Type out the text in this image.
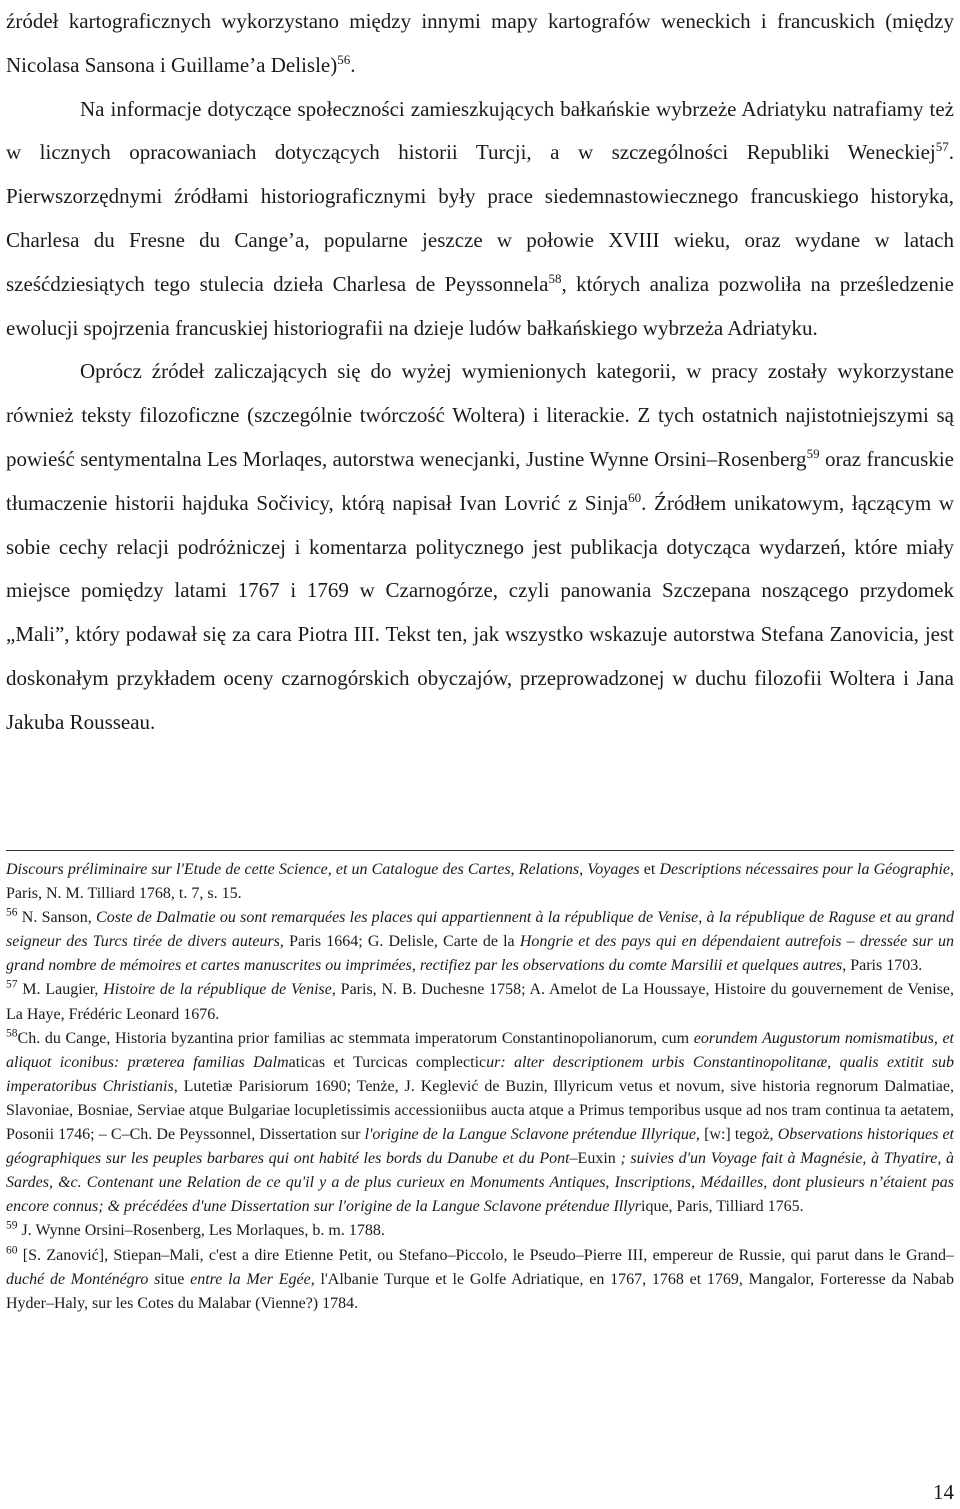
źródeł kartograficznych wykorzystano między innymi mapy kartografów weneckich i francuskich (między Nicolasa Sansona i Guillame’a Delisle)$^{56}$.

Na informacje dotyczące społeczności zamieszkujących bałkańskie wybrzeże Adriatyku natrafiamy też w licznych opracowaniach dotyczących historii Turcji, a w szczególności Republiki Weneckiej$^{57}$. Pierwszorzędnymi źródłami historiograficznymi były prace siedemnastowiecznego francuskiego historyka, Charlesa du Fresne du Cange’a, popularne jeszcze w połowie XVIII wieku, oraz wydane w latach sześćdziesiątych tego stulecia dzieła Charlesa de Peyssonnela$^{58}$, których analiza pozwoliła na prześledzenie ewolucji spojrzenia francuskiej historiografii na dzieje ludów bałkańskiego wybrzeża Adriatyku.

Oprócz źródeł zaliczających się do wyżej wymienionych kategorii, w pracy zostały wykorzystane również teksty filozoficzne (szczególnie twórczość Woltera) i literackie. Z tych ostatnich najistotniejszymi są powieść sentymentalna Les Morlaqes, autorstwa wenecjanki, Justine Wynne Orsini–Rosenberg$^{59}$ oraz francuskie tłumaczenie historii hajduka Sočivicy, którą napisał Ivan Lovrić z Sinja$^{60}$. Źródłem unikatowym, łączącym w sobie cechy relacji podróżniczej i komentarza politycznego jest publikacja dotycząca wydarzeń, które miały miejsce pomiędzy latami 1767 i 1769 w Czarnogórze, czyli panowania Szczepana noszącego przydomek „Mali”, który podawał się za cara Piotra III. Tekst ten, jak wszystko wskazuje autorstwa Stefana Zanovicia, jest doskonałym przykładem oceny czarnogórskich obyczajów, przeprowadzonej w duchu filozofii Woltera i Jana Jakuba Rousseau.

Discours préliminaire sur l'Etude de cette Science, et un Catalogue des Cartes, Relations, Voyages et Descriptions nécessaires pour la Géographie, Paris, N. M. Tilliard 1768, t. 7, s. 15.

$^{56}$ N. Sanson, Coste de Dalmatie ou sont remarquées les places qui appartiennent à la république de Venise, à la république de Raguse et au grand seigneur des Turcs tirée de divers auteurs, Paris 1664; G. Delisle, Carte de la Hongrie et des pays qui en dépendaient autrefois – dressée sur un grand nombre de mémoires et cartes manuscrites ou imprimées, rectifiez par les observations du comte Marsilii et quelques autres, Paris 1703.

$^{57}$ M. Laugier, Histoire de la république de Venise, Paris, N. B. Duchesne 1758; A. Amelot de La Houssaye, Histoire du gouvernement de Venise, La Haye, Frédéric Leonard 1676.

$^{58}$Ch. du Cange, Historia byzantina prior familias ac stemmata imperatorum Constantinopolianorum, cum eorundem Augustorum nomismatibus, et aliquot iconibus: præterea familias Dalmaticas et Turcicas complecticur: alter descriptionem urbis Constantinopolitanæ, qualis extitit sub imperatoribus Christianis, Lutetiæ Parisiorum 1690; Tenże, J. Keglević de Buzin, Illyricum vetus et novum, sive historia regnorum Dalmatiae, Slavoniae, Bosniae, Serviae atque Bulgariae locupletissimis accessioniibus aucta atque a Primus temporibus usque ad nos tram continua ta aetatem, Posonii 1746; – C–Ch. De Peyssonnel, Dissertation sur l'origine de la Langue Sclavone prétendue Illyrique, [w:] tegoż, Observations historiques et géographiques sur les peuples barbares qui ont habité les bords du Danube et du Pont–Euxin ; suivies d'un Voyage fait à Magnésie, à Thyatire, à Sardes, &c. Contenant une Relation de ce qu'il y a de plus curieux en Monuments Antiques, Inscriptions, Médailles, dont plusieurs n’étaient pas encore connus; & précédées d'une Dissertation sur l'origine de la Langue Sclavone prétendue Illyrique, Paris, Tilliard 1765.

$^{59}$ J. Wynne Orsini–Rosenberg, Les Morlaques, b. m. 1788.

$^{60}$ [S. Zanović], Stiepan–Mali, c'est a dire Etienne Petit, ou Stefano–Piccolo, le Pseudo–Pierre III, empereur de Russie, qui parut dans le Grand–duché de Monténégro situe entre la Mer Egée, l'Albanie Turque et le Golfe Adriatique, en 1767, 1768 et 1769, Mangalor, Forteresse da Nabab Hyder–Haly, sur les Cotes du Malabar (Vienne?) 1784.

14
